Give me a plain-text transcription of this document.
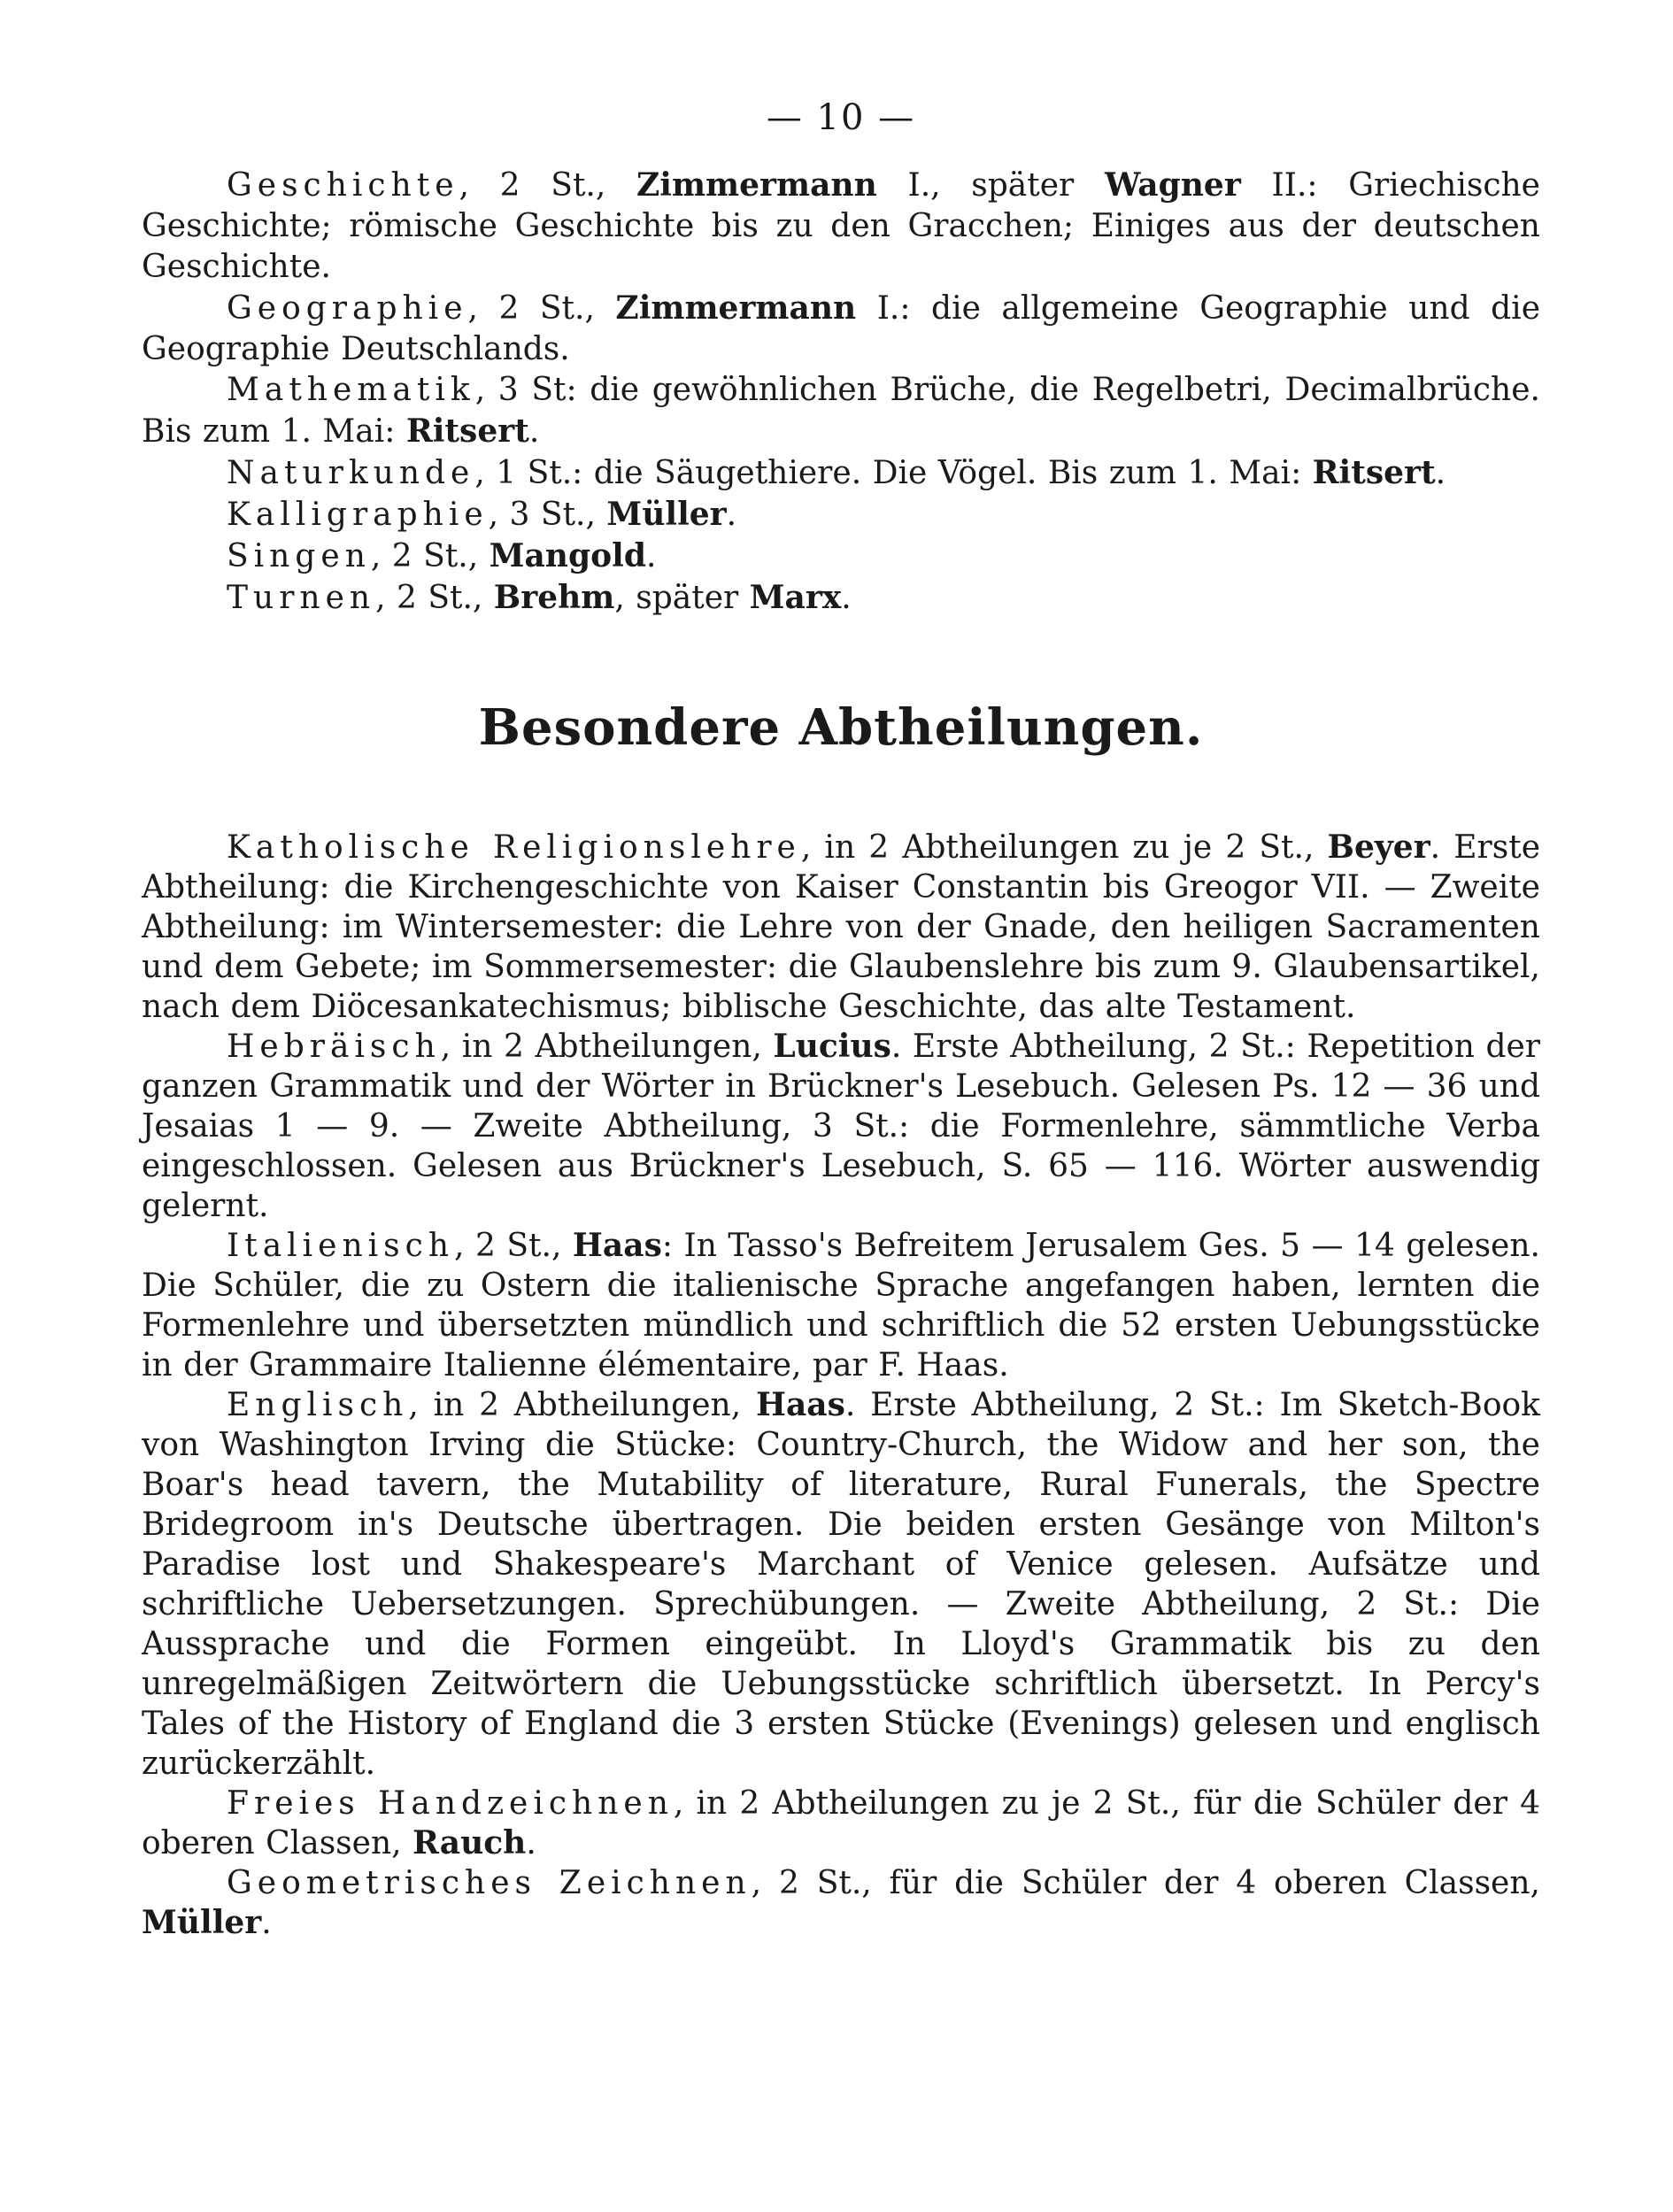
— 10 —

Geschichte, 2 St., Zimmermann I., später Wagner II.: Griechische Geschichte; römische Geschichte bis zu den Gracchen; Einiges aus der deutschen Geschichte.

Geographie, 2 St., Zimmermann I.: die allgemeine Geographie und die Geographie Deutschlands.

Mathematik, 3 St: die gewöhnlichen Brüche, die Regelbetri, Decimalbrüche. Bis zum 1. Mai: Ritsert.

Naturkunde, 1 St.: die Säugethiere. Die Vögel. Bis zum 1. Mai: Ritsert.

Kalligraphie, 3 St., Müller.

Singen, 2 St., Mangold.

Turnen, 2 St., Brehm, später Marx.

Besondere Abtheilungen.

Katholische Religionslehre, in 2 Abtheilungen zu je 2 St., Beyer. Erste Abtheilung: die Kirchengeschichte von Kaiser Constantin bis Greogor VII. — Zweite Abtheilung: im Wintersemester: die Lehre von der Gnade, den heiligen Sacramenten und dem Gebete; im Sommersemester: die Glaubenslehre bis zum 9. Glaubensartikel, nach dem Diöcesankatechismus; biblische Geschichte, das alte Testament.

Hebräisch, in 2 Abtheilungen, Lucius. Erste Abtheilung, 2 St.: Repetition der ganzen Grammatik und der Wörter in Brückner's Lesebuch. Gelesen Ps. 12 — 36 und Jesaias 1 — 9. — Zweite Abtheilung, 3 St.: die Formenlehre, sämmtliche Verba eingeschlossen. Gelesen aus Brückner's Lesebuch, S. 65 — 116. Wörter auswendig gelernt.

Italienisch, 2 St., Haas: In Tasso's Befreitem Jerusalem Ges. 5 — 14 gelesen. Die Schüler, die zu Ostern die italienische Sprache angefangen haben, lernten die Formenlehre und übersetzten mündlich und schriftlich die 52 ersten Uebungsstücke in der Grammaire Italienne élémentaire, par F. Haas.

Englisch, in 2 Abtheilungen, Haas. Erste Abtheilung, 2 St.: Im Sketch-Book von Washington Irving die Stücke: Country-Church, the Widow and her son, the Boar's head tavern, the Mutability of literature, Rural Funerals, the Spectre Bridegroom in's Deutsche übertragen. Die beiden ersten Gesänge von Milton's Paradise lost und Shakespeare's Marchant of Venice gelesen. Aufsätze und schriftliche Uebersetzungen. Sprechübungen. — Zweite Abtheilung, 2 St.: Die Aussprache und die Formen eingeübt. In Lloyd's Grammatik bis zu den unregelmäßigen Zeitwörtern die Uebungsstücke schriftlich übersetzt. In Percy's Tales of the History of England die 3 ersten Stücke (Evenings) gelesen und englisch zurückerzählt.

Freies Handzeichnen, in 2 Abtheilungen zu je 2 St., für die Schüler der 4 oberen Classen, Rauch.

Geometrisches Zeichnen, 2 St., für die Schüler der 4 oberen Classen, Müller.
